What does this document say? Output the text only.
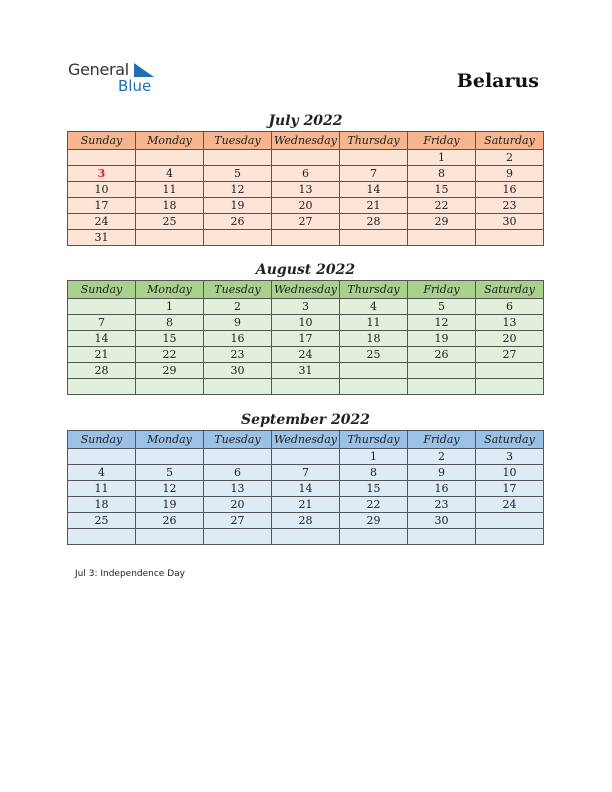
General
Blue	Belarus
July 2022
Sunday	Monday	Tuesday	Wednesday	Thursday	Friday	Saturday
					1	2
3	4	5	6	7	8	9
10	11	12	13	14	15	16
17	18	19	20	21	22	23
24	25	26	27	28	29	30
31						
August 2022
Sunday	Monday	Tuesday	Wednesday	Thursday	Friday	Saturday
	1	2	3	4	5	6
7	8	9	10	11	12	13
14	15	16	17	18	19	20
21	22	23	24	25	26	27
28	29	30	31			

September 2022
Sunday	Monday	Tuesday	Wednesday	Thursday	Friday	Saturday
				1	2	3
4	5	6	7	8	9	10
11	12	13	14	15	16	17
18	19	20	21	22	23	24
25	26	27	28	29	30	

Jul 3: Independence Day
